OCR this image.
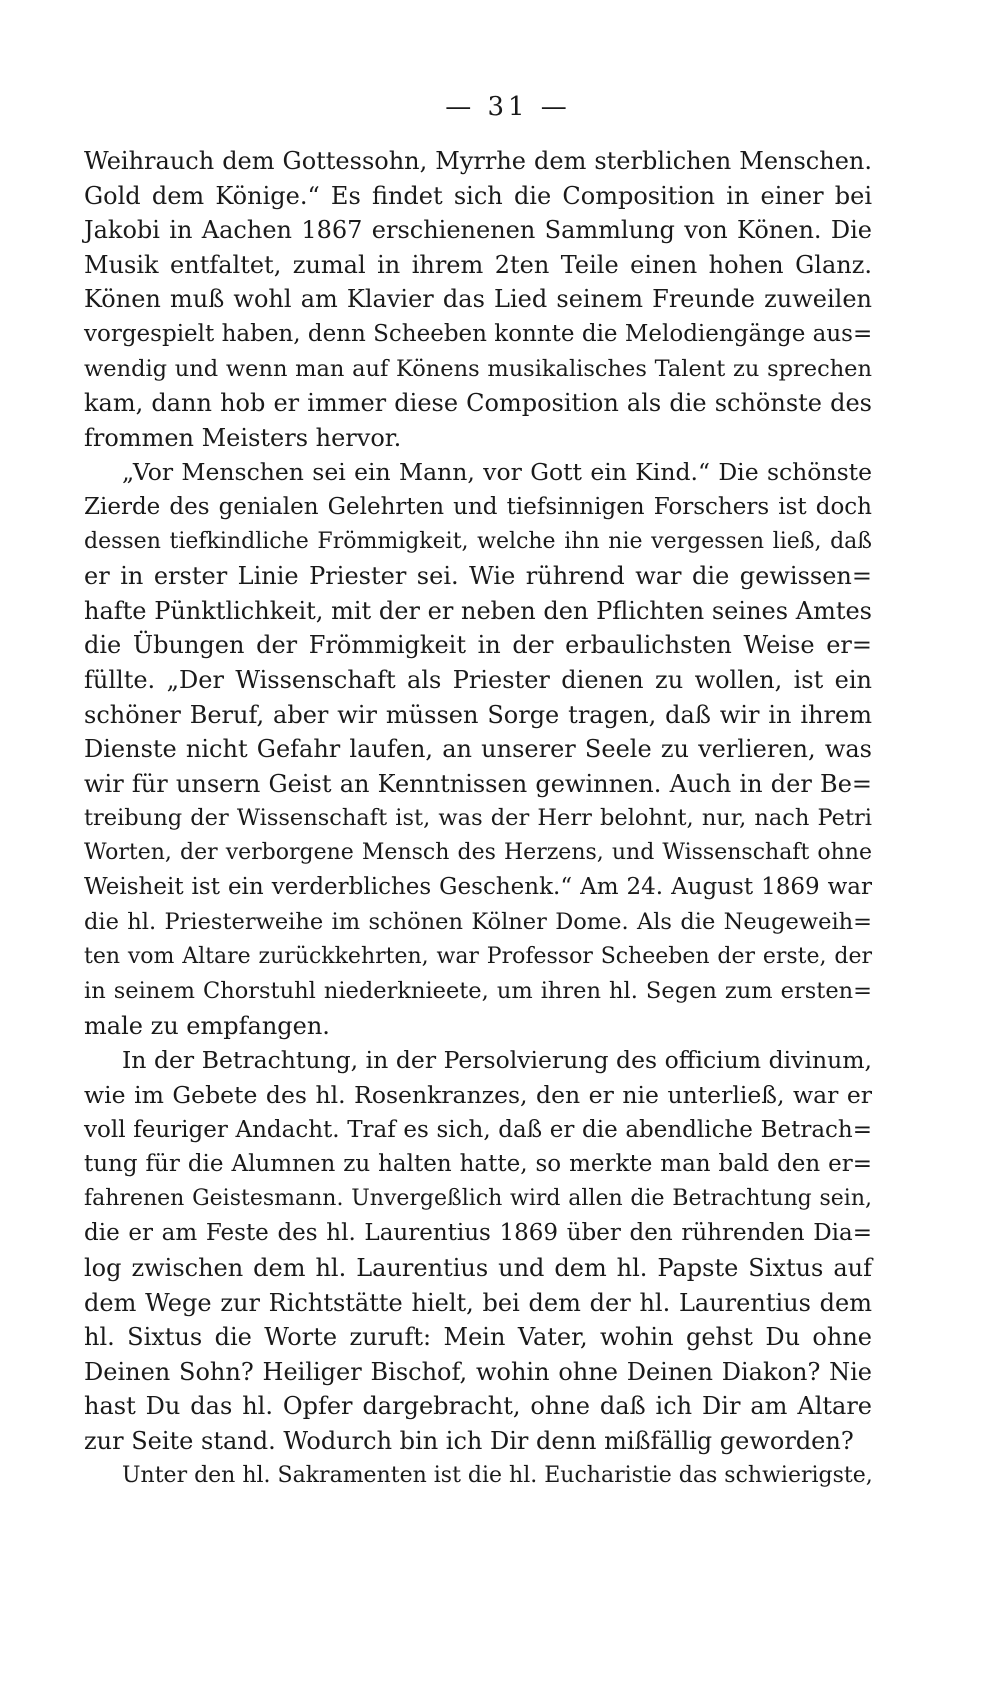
— 31 —
Weihrauch dem Gottessohn, Myrrhe dem sterblichen Menschen.
Gold dem Könige.“ Es findet sich die Composition in einer bei
Jakobi in Aachen 1867 erschienenen Sammlung von Könen. Die
Musik entfaltet, zumal in ihrem 2ten Teile einen hohen Glanz.
Könen muß wohl am Klavier das Lied seinem Freunde zuweilen
vorgespielt haben, denn Scheeben konnte die Melodiengänge aus=
wendig und wenn man auf Könens musikalisches Talent zu sprechen
kam, dann hob er immer diese Composition als die schönste des
frommen Meisters hervor.
„Vor Menschen sei ein Mann, vor Gott ein Kind.“ Die schönste
Zierde des genialen Gelehrten und tiefsinnigen Forschers ist doch
dessen tiefkindliche Frömmigkeit, welche ihn nie vergessen ließ, daß
er in erster Linie Priester sei. Wie rührend war die gewissen=
hafte Pünktlichkeit, mit der er neben den Pflichten seines Amtes
die Übungen der Frömmigkeit in der erbaulichsten Weise er=
füllte. „Der Wissenschaft als Priester dienen zu wollen, ist ein
schöner Beruf, aber wir müssen Sorge tragen, daß wir in ihrem
Dienste nicht Gefahr laufen, an unserer Seele zu verlieren, was
wir für unsern Geist an Kenntnissen gewinnen. Auch in der Be=
treibung der Wissenschaft ist, was der Herr belohnt, nur, nach Petri
Worten, der verborgene Mensch des Herzens, und Wissenschaft ohne
Weisheit ist ein verderbliches Geschenk.“ Am 24. August 1869 war
die hl. Priesterweihe im schönen Kölner Dome. Als die Neugeweih=
ten vom Altare zurückkehrten, war Professor Scheeben der erste, der
in seinem Chorstuhl niederknieete, um ihren hl. Segen zum ersten=
male zu empfangen.
In der Betrachtung, in der Persolvierung des officium divinum,
wie im Gebete des hl. Rosenkranzes, den er nie unterließ, war er
voll feuriger Andacht. Traf es sich, daß er die abendliche Betrach=
tung für die Alumnen zu halten hatte, so merkte man bald den er=
fahrenen Geistesmann. Unvergeßlich wird allen die Betrachtung sein,
die er am Feste des hl. Laurentius 1869 über den rührenden Dia=
log zwischen dem hl. Laurentius und dem hl. Papste Sixtus auf
dem Wege zur Richtstätte hielt, bei dem der hl. Laurentius dem
hl. Sixtus die Worte zuruft: Mein Vater, wohin gehst Du ohne
Deinen Sohn? Heiliger Bischof, wohin ohne Deinen Diakon? Nie
hast Du das hl. Opfer dargebracht, ohne daß ich Dir am Altare
zur Seite stand. Wodurch bin ich Dir denn mißfällig geworden?
Unter den hl. Sakramenten ist die hl. Eucharistie das schwierigste,
